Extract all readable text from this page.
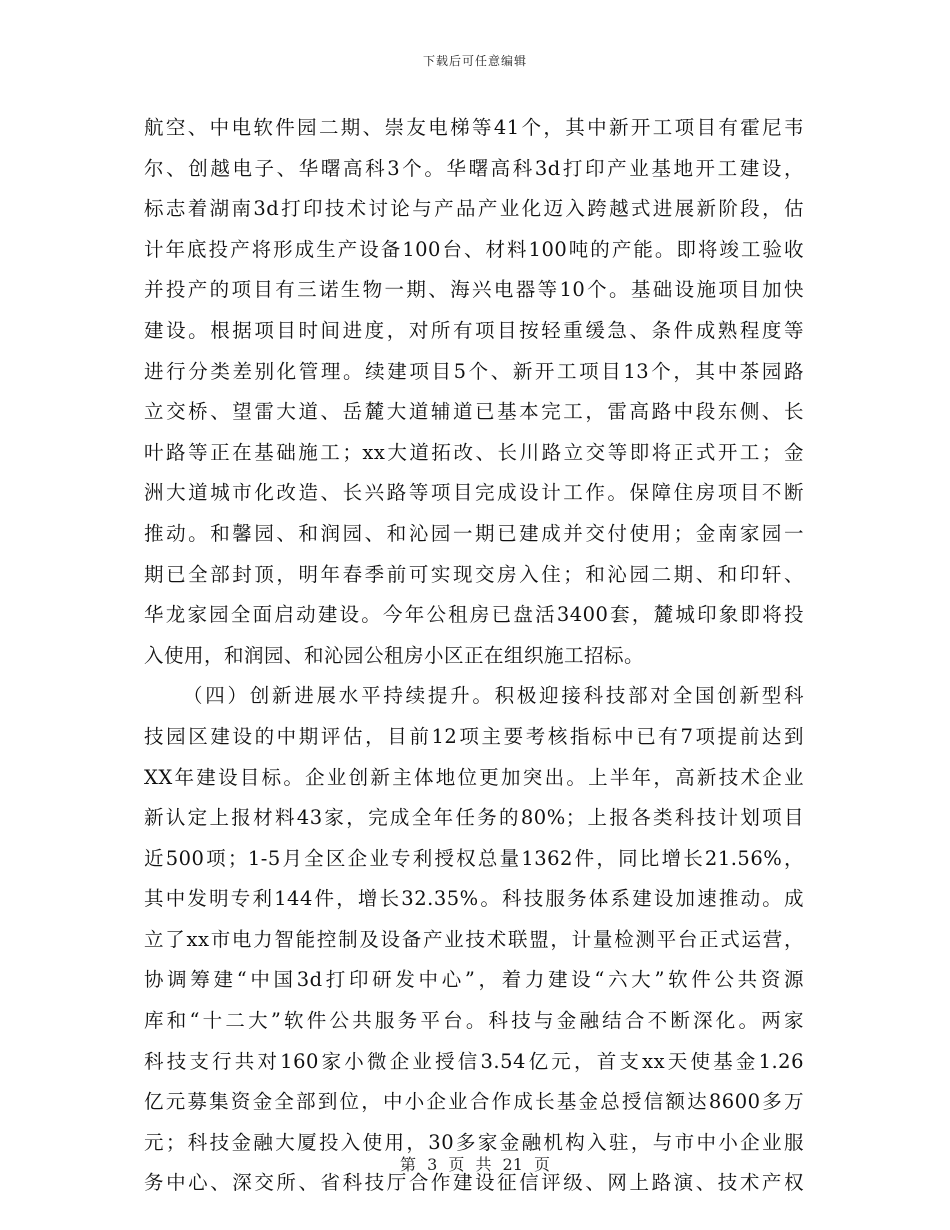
下载后可任意编辑
航空、中电软件园二期、崇友电梯等41个，其中新开工项目有霍尼韦
尔、创越电子、华曙高科3个。华曙高科3d打印产业基地开工建设，
标志着湖南3d打印技术讨论与产品产业化迈入跨越式进展新阶段，估
计年底投产将形成生产设备100台、材料100吨的产能。即将竣工验收
并投产的项目有三诺生物一期、海兴电器等10个。基础设施项目加快
建设。根据项目时间进度，对所有项目按轻重缓急、条件成熟程度等
进行分类差别化管理。续建项目5个、新开工项目13个，其中茶园路
立交桥、望雷大道、岳麓大道辅道已基本完工，雷高路中段东侧、长
叶路等正在基础施工；xx大道拓改、长川路立交等即将正式开工；金
洲大道城市化改造、长兴路等项目完成设计工作。保障住房项目不断
推动。和馨园、和润园、和沁园一期已建成并交付使用；金南家园一
期已全部封顶，明年春季前可实现交房入住；和沁园二期、和印轩、
华龙家园全面启动建设。今年公租房已盘活3400套，麓城印象即将投
入使用，和润园、和沁园公租房小区正在组织施工招标。
（四）创新进展水平持续提升。积极迎接科技部对全国创新型科
技园区建设的中期评估，目前12项主要考核指标中已有7项提前达到
XX年建设目标。企业创新主体地位更加突出。上半年，高新技术企业
新认定上报材料43家，完成全年任务的80%；上报各类科技计划项目
近500项；1-5月全区企业专利授权总量1362件，同比增长21.56%，
其中发明专利144件，增长32.35%。科技服务体系建设加速推动。成
立了xx市电力智能控制及设备产业技术联盟，计量检测平台正式运营，
协调筹建“中国3d打印研发中心”，着力建设“六大”软件公共资源
库和“十二大”软件公共服务平台。科技与金融结合不断深化。两家
科技支行共对160家小微企业授信3.54亿元，首支xx天使基金1.26
亿元募集资金全部到位，中小企业合作成长基金总授信额达8600多万
元；科技金融大厦投入使用，30多家金融机构入驻，与市中小企业服
务中心、深交所、省科技厅合作建设征信评级、网上路演、技术产权
第 3 页 共 21 页
